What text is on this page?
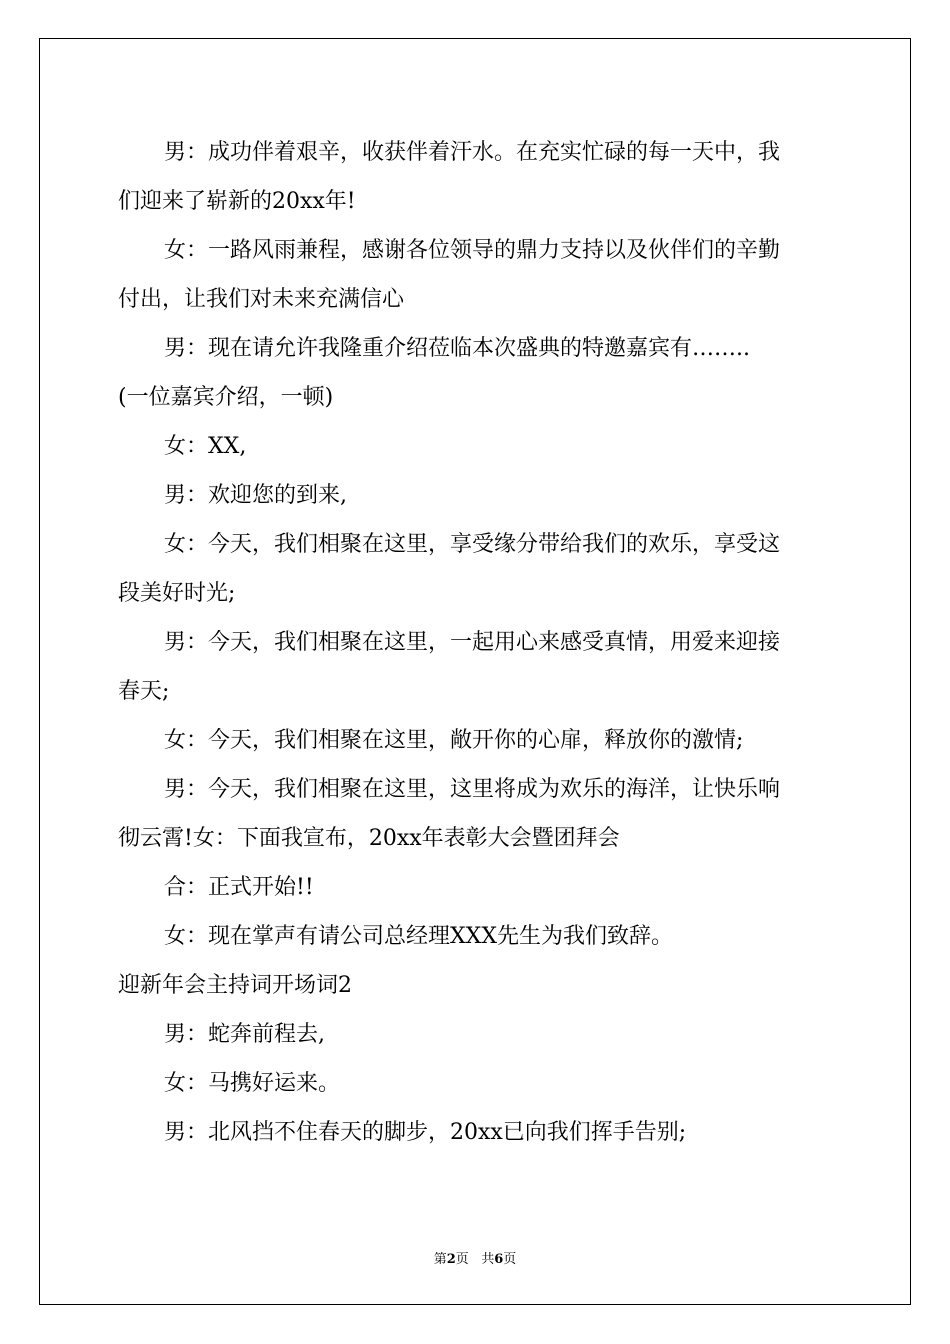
男：成功伴着艰辛，收获伴着汗水。在充实忙碌的每一天中，我
们迎来了崭新的20xx年!
女：一路风雨兼程，感谢各位领导的鼎力支持以及伙伴们的辛勤
付出，让我们对未来充满信心
男：现在请允许我隆重介绍莅临本次盛典的特邀嘉宾有……..
(一位嘉宾介绍，一顿)
女：XX,
男：欢迎您的到来,
女：今天，我们相聚在这里，享受缘分带给我们的欢乐，享受这
段美好时光;
男：今天，我们相聚在这里，一起用心来感受真情，用爱来迎接
春天;
女：今天，我们相聚在这里，敞开你的心扉，释放你的激情;
男：今天，我们相聚在这里，这里将成为欢乐的海洋，让快乐响
彻云霄!女：下面我宣布，20xx年表彰大会暨团拜会
合：正式开始!!
女：现在掌声有请公司总经理XXX先生为我们致辞。
迎新年会主持词开场词2
男：蛇奔前程去,
女：马携好运来。
男：北风挡不住春天的脚步，20xx已向我们挥手告别;
第2页 共6页
